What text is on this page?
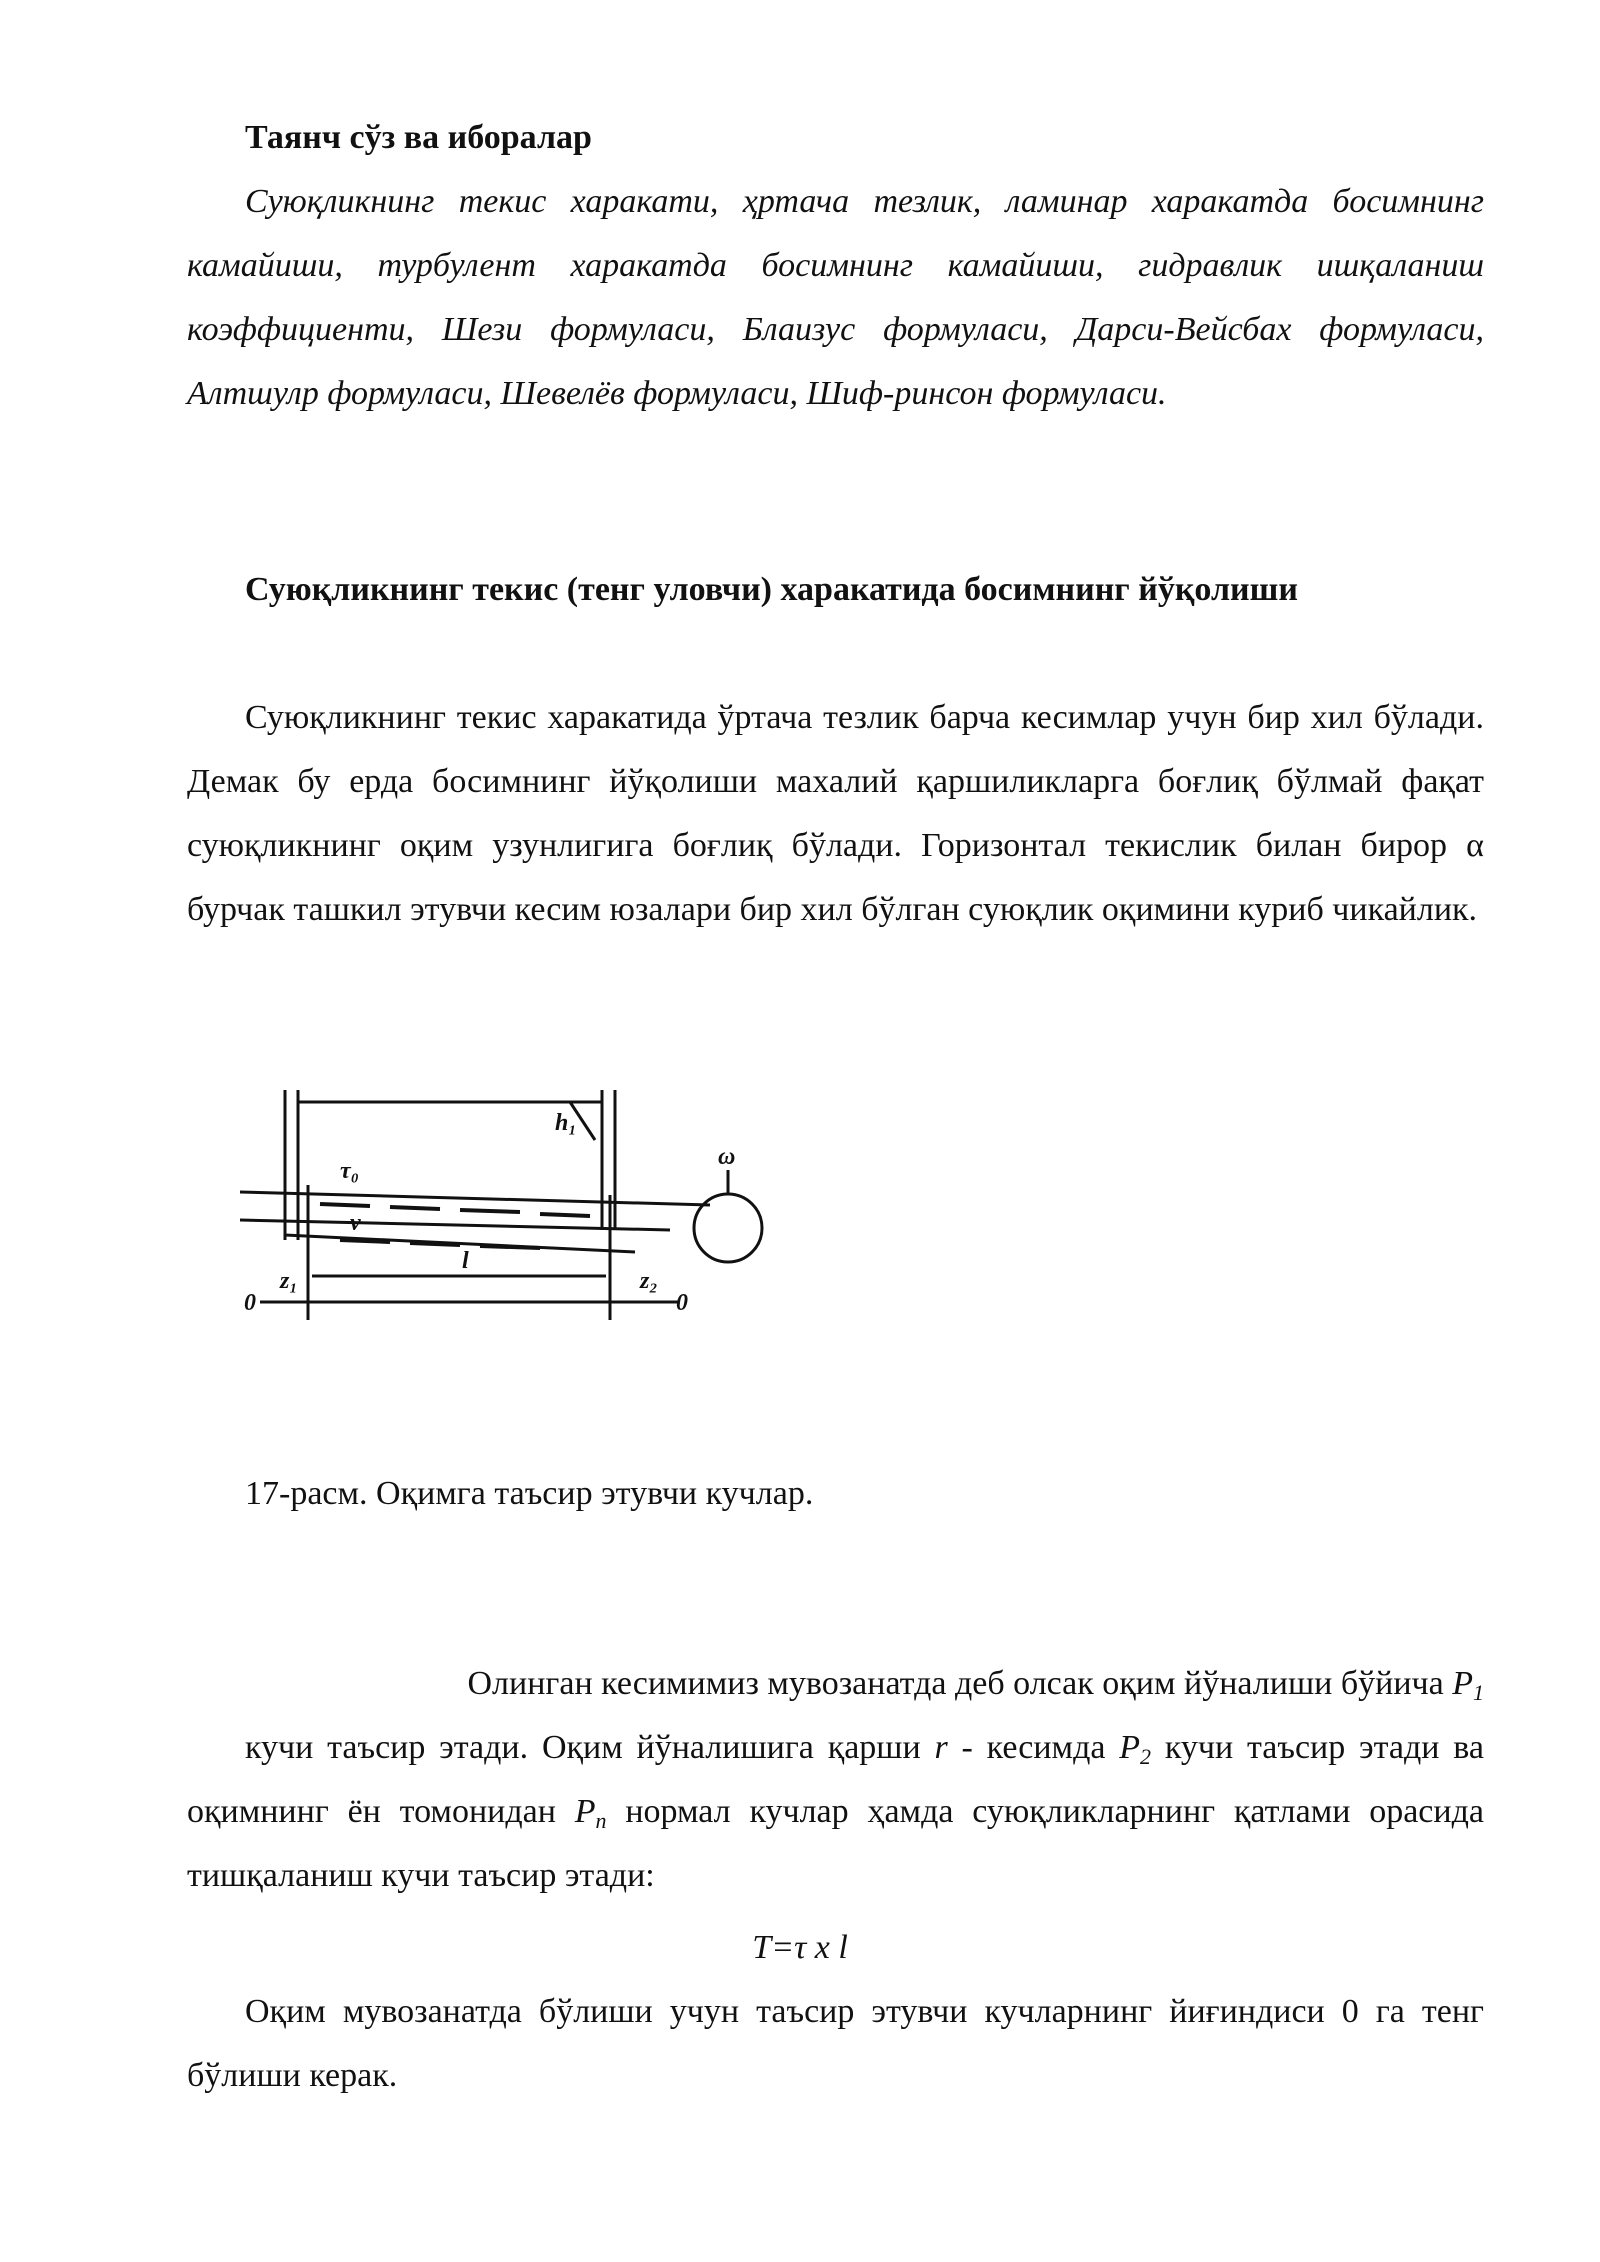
Таянч сўз ва иборалар
Суюқликнинг текис харакати, ҳртача тезлик, ламинар харакатда босимнинг камайиши, турбулент харакатда босимнинг камайиши, гидравлик ишқаланиш коэффициенти, Шези формуласи, Блаизус формуласи, Дарси-Вейсбах формуласи, Алтшулр формуласи, Шевелёв формуласи, Шиф-ринсон формуласи.
Суюқликнинг текис (тенг уловчи) харакатида босимнинг йўқолиши
Суюқликнинг текис харакатида ўртача тезлик барча кесимлар учун бир хил бўлади. Демак бу ерда босимнинг йўқолиши махалий қаршиликларга боғлиқ бўлмай фақат суюқликнинг оқим узунлигига боғлиқ бўлади. Горизонтал текислик билан бирор α бурчак ташкил этувчи кесим юзалари бир хил бўлган суюқлик оқимини куриб чикайлик.
τ₀
v
l
h₁
z₁	z₂
0	0
ω
17-расм. Оқимга таъсир этувчи кучлар.
Олинган кесимимиз мувозанатда деб олсак оқим йўналиши бўйича $P_1$
кучи таъсир этади. Оқим йўналишига қарши r - кесимда $P_2$ кучи таъсир этади ва оқимнинг ён томонидан $P_n$ нормал кучлар ҳамда суюқликларнинг қатлами орасида тишқаланиш кучи таъсир этади:
T=τ x l
Оқим мувозанатда бўлиши учун таъсир этувчи кучларнинг йиғиндиси 0 га тенг бўлиши керак.
